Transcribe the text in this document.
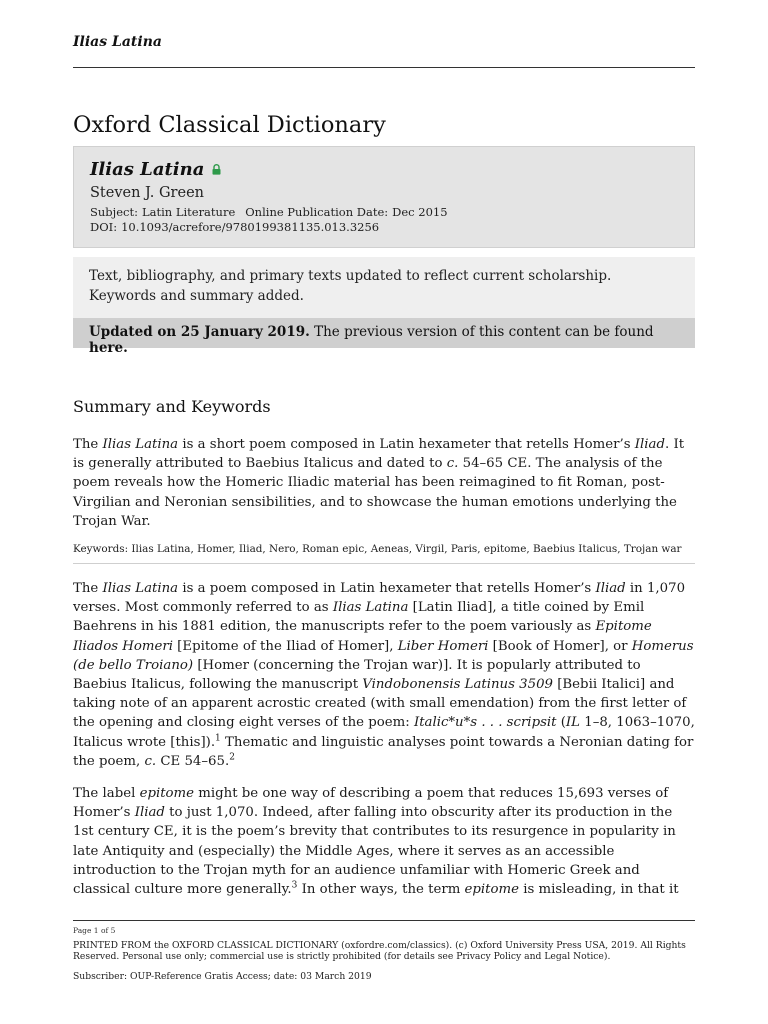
Ilias Latina
Oxford Classical Dictionary
Ilias Latina
Steven J. Green
Subject: Latin Literature Online Publication Date: Dec 2015
DOI: 10.1093/acrefore/9780199381135.013.3256
Text, bibliography, and primary texts updated to reflect current scholarship. Keywords and summary added.
Updated on 25 January 2019. The previous version of this content can be found here.
Summary and Keywords
The Ilias Latina is a short poem composed in Latin hexameter that retells Homer’s Iliad. It is generally attributed to Baebius Italicus and dated to c. 54–65 CE. The analysis of the poem reveals how the Homeric Iliadic material has been reimagined to fit Roman, post-Virgilian and Neronian sensibilities, and to showcase the human emotions underlying the Trojan War.
Keywords: Ilias Latina, Homer, Iliad, Nero, Roman epic, Aeneas, Virgil, Paris, epitome, Baebius Italicus, Trojan war
The Ilias Latina is a poem composed in Latin hexameter that retells Homer’s Iliad in 1,070 verses. Most commonly referred to as Ilias Latina [Latin Iliad], a title coined by Emil Baehrens in his 1881 edition, the manuscripts refer to the poem variously as Epitome Iliados Homeri [Epitome of the Iliad of Homer], Liber Homeri [Book of Homer], or Homerus (de bello Troiano) [Homer (concerning the Trojan war)]. It is popularly attributed to Baebius Italicus, following the manuscript Vindobonensis Latinus 3509 [Bebii Italici] and taking note of an apparent acrostic created (with small emendation) from the first letter of the opening and closing eight verses of the poem: Italic*u*s . . . scripsit (IL 1–8, 1063–1070, Italicus wrote [this]).$^1$ Thematic and linguistic analyses point towards a Neronian dating for the poem, c. CE 54–65.$^2$
The label epitome might be one way of describing a poem that reduces 15,693 verses of Homer’s Iliad to just 1,070. Indeed, after falling into obscurity after its production in the 1st century CE, it is the poem’s brevity that contributes to its resurgence in popularity in late Antiquity and (especially) the Middle Ages, where it serves as an accessible introduction to the Trojan myth for an audience unfamiliar with Homeric Greek and classical culture more generally.$^3$ In other ways, the term epitome is misleading, in that it
Page 1 of 5
PRINTED FROM the OXFORD CLASSICAL DICTIONARY (oxfordre.com/classics). (c) Oxford University Press USA, 2019. All Rights Reserved. Personal use only; commercial use is strictly prohibited (for details see Privacy Policy and Legal Notice).
Subscriber: OUP-Reference Gratis Access; date: 03 March 2019
